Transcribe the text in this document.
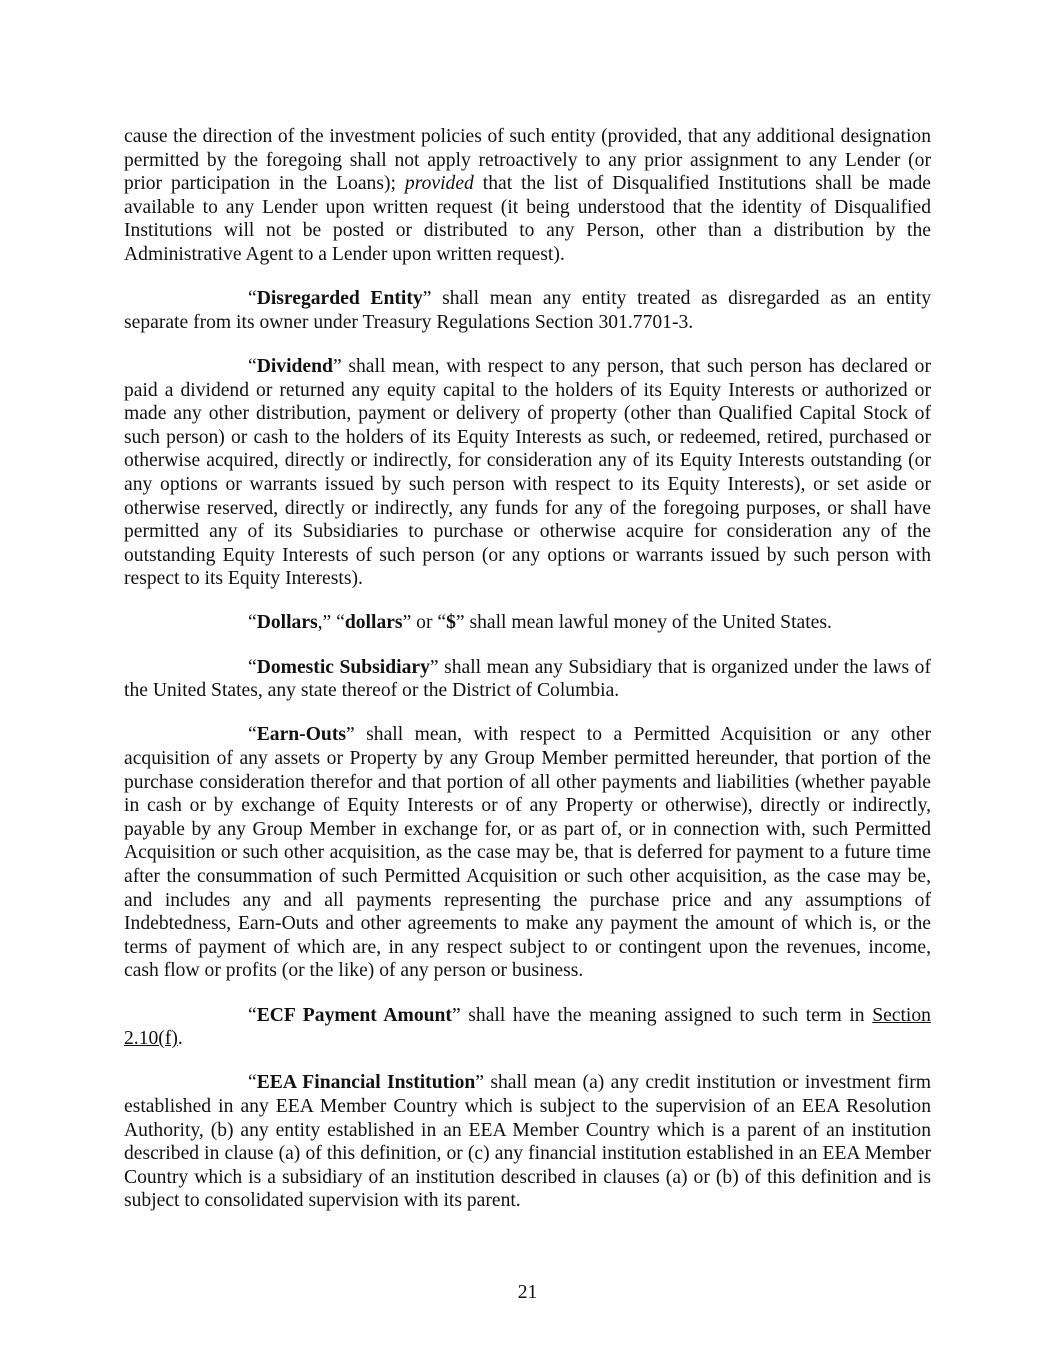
cause the direction of the investment policies of such entity (provided, that any additional designation permitted by the foregoing shall not apply retroactively to any prior assignment to any Lender (or prior participation in the Loans); provided that the list of Disqualified Institutions shall be made available to any Lender upon written request (it being understood that the identity of Disqualified Institutions will not be posted or distributed to any Person, other than a distribution by the Administrative Agent to a Lender upon written request).

“Disregarded Entity” shall mean any entity treated as disregarded as an entity separate from its owner under Treasury Regulations Section 301.7701-3.

“Dividend” shall mean, with respect to any person, that such person has declared or paid a dividend or returned any equity capital to the holders of its Equity Interests or authorized or made any other distribution, payment or delivery of property (other than Qualified Capital Stock of such person) or cash to the holders of its Equity Interests as such, or redeemed, retired, purchased or otherwise acquired, directly or indirectly, for consideration any of its Equity Interests outstanding (or any options or warrants issued by such person with respect to its Equity Interests), or set aside or otherwise reserved, directly or indirectly, any funds for any of the foregoing purposes, or shall have permitted any of its Subsidiaries to purchase or otherwise acquire for consideration any of the outstanding Equity Interests of such person (or any options or warrants issued by such person with respect to its Equity Interests).

“Dollars,” “dollars” or “$” shall mean lawful money of the United States.

“Domestic Subsidiary” shall mean any Subsidiary that is organized under the laws of the United States, any state thereof or the District of Columbia.

“Earn-Outs” shall mean, with respect to a Permitted Acquisition or any other acquisition of any assets or Property by any Group Member permitted hereunder, that portion of the purchase consideration therefor and that portion of all other payments and liabilities (whether payable in cash or by exchange of Equity Interests or of any Property or otherwise), directly or indirectly, payable by any Group Member in exchange for, or as part of, or in connection with, such Permitted Acquisition or such other acquisition, as the case may be, that is deferred for payment to a future time after the consummation of such Permitted Acquisition or such other acquisition, as the case may be, and includes any and all payments representing the purchase price and any assumptions of Indebtedness, Earn-Outs and other agreements to make any payment the amount of which is, or the terms of payment of which are, in any respect subject to or contingent upon the revenues, income, cash flow or profits (or the like) of any person or business.

“ECF Payment Amount” shall have the meaning assigned to such term in Section 2.10(f).

“EEA Financial Institution” shall mean (a) any credit institution or investment firm established in any EEA Member Country which is subject to the supervision of an EEA Resolution Authority, (b) any entity established in an EEA Member Country which is a parent of an institution described in clause (a) of this definition, or (c) any financial institution established in an EEA Member Country which is a subsidiary of an institution described in clauses (a) or (b) of this definition and is subject to consolidated supervision with its parent.

21
